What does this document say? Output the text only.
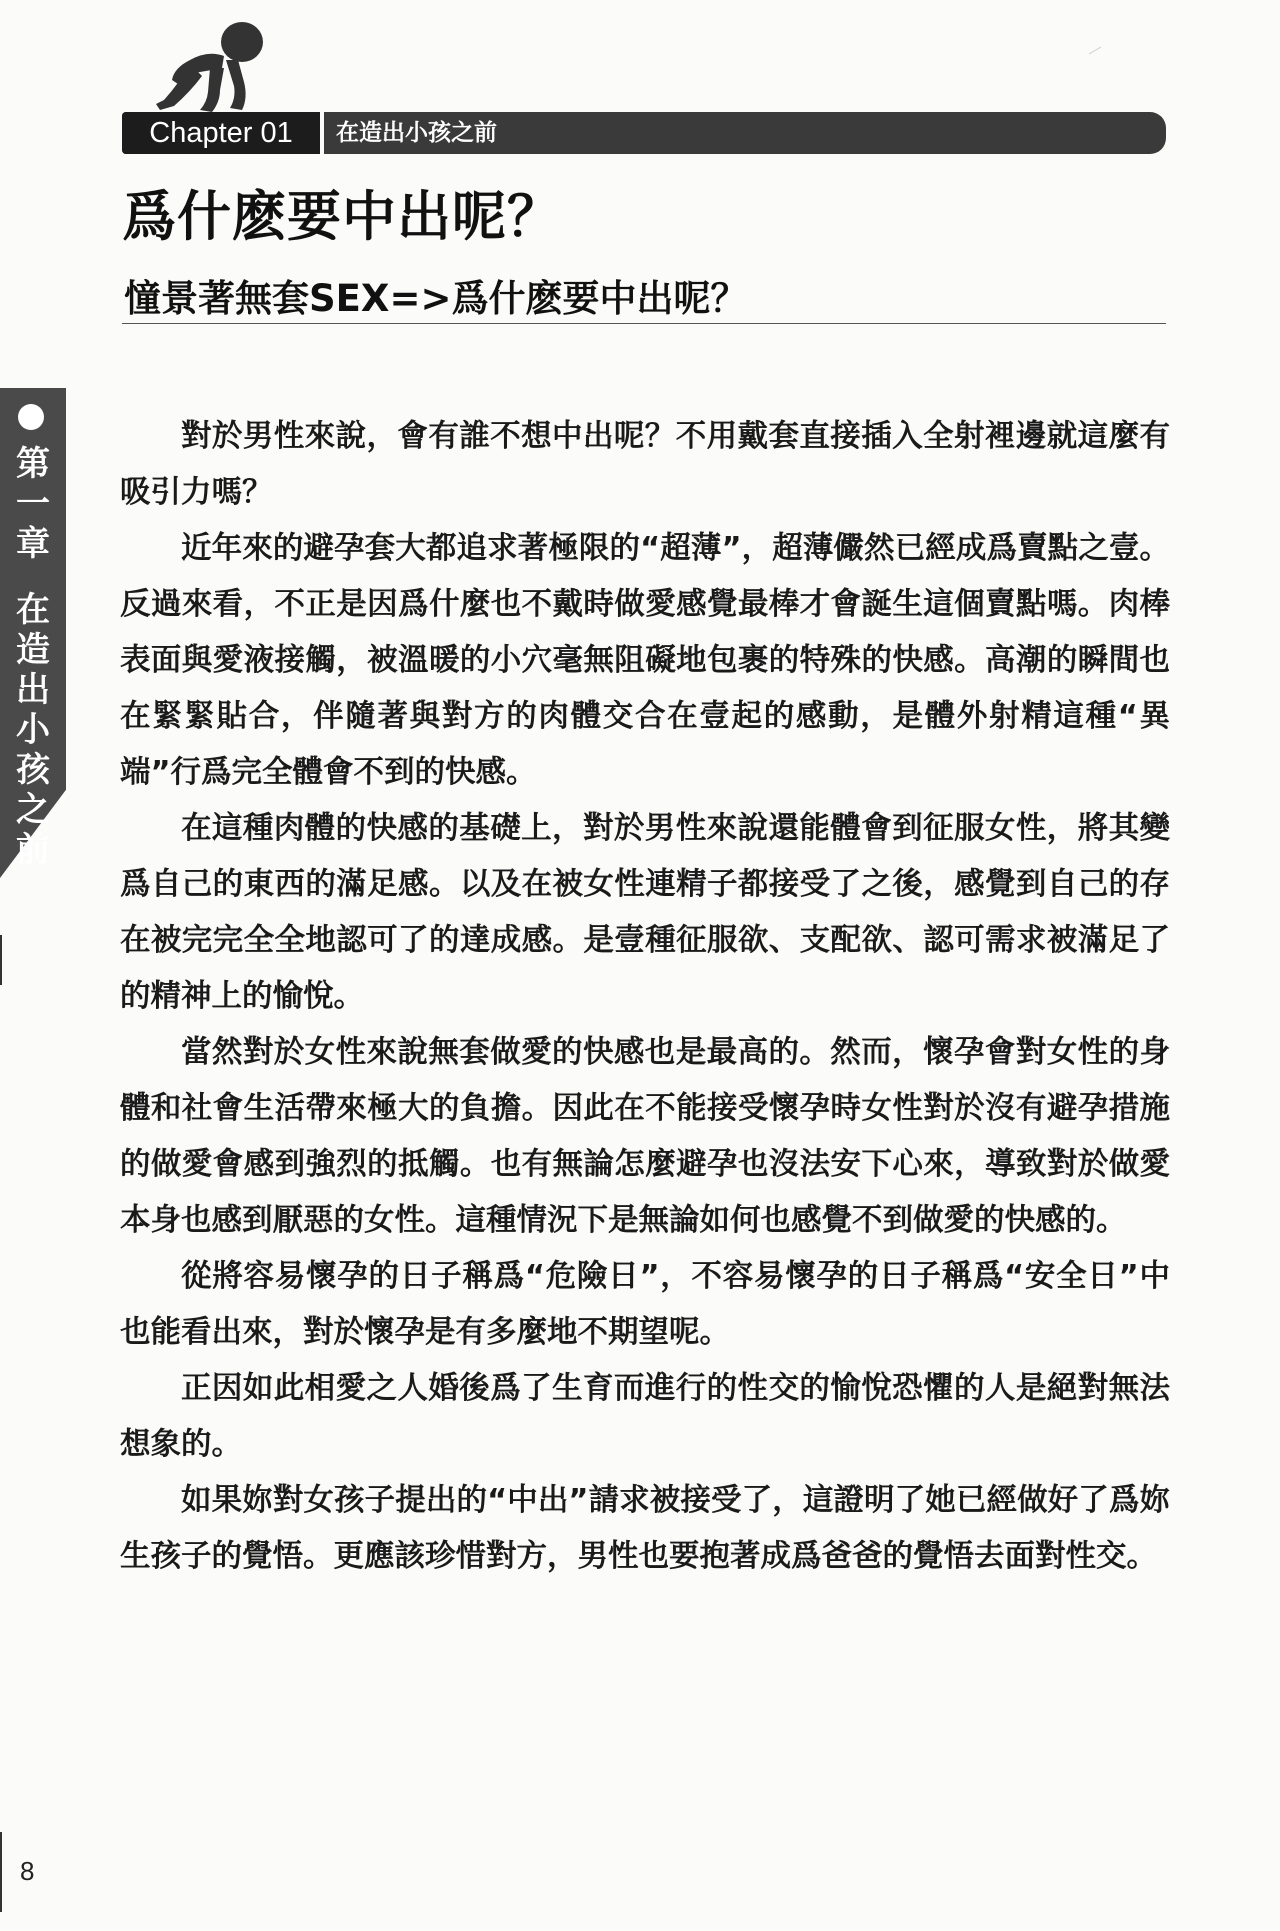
Chapter 01	在造出小孩之前
爲什麽要中出呢？
憧景著無套SEX=>爲什麽要中出呢？
第
一
章
在
造
出
小
孩
之
前

對於男性來說，會有誰不想中出呢？不用戴套直接插入全射裡邊就這麼有吸引力嗎？

近年來的避孕套大都追求著極限的“超薄”，超薄儼然已經成爲賣點之壹。反過來看，不正是因爲什麼也不戴時做愛感覺最棒才會誕生這個賣點嗎。肉棒表面與愛液接觸，被溫暖的小穴毫無阻礙地包裹的特殊的快感。高潮的瞬間也在緊緊貼合，伴隨著與對方的肉體交合在壹起的感動，是體外射精這種“異端”行爲完全體會不到的快感。

在這種肉體的快感的基礎上，對於男性來說還能體會到征服女性，將其變爲自己的東西的滿足感。以及在被女性連精子都接受了之後，感覺到自己的存在被完完全全地認可了的達成感。是壹種征服欲、支配欲、認可需求被滿足了的精神上的愉悅。

當然對於女性來說無套做愛的快感也是最高的。然而，懷孕會對女性的身體和社會生活帶來極大的負擔。因此在不能接受懷孕時女性對於沒有避孕措施的做愛會感到強烈的抵觸。也有無論怎麼避孕也沒法安下心來，導致對於做愛本身也感到厭惡的女性。這種情況下是無論如何也感覺不到做愛的快感的。

從將容易懷孕的日子稱爲“危險日”，不容易懷孕的日子稱爲“安全日”中也能看出來，對於懷孕是有多麼地不期望呢。

正因如此相愛之人婚後爲了生育而進行的性交的愉悅恐懼的人是絕對無法想象的。

如果妳對女孩子提出的“中出”請求被接受了，這證明了她已經做好了爲妳生孩子的覺悟。更應該珍惜對方，男性也要抱著成爲爸爸的覺悟去面對性交。

8
